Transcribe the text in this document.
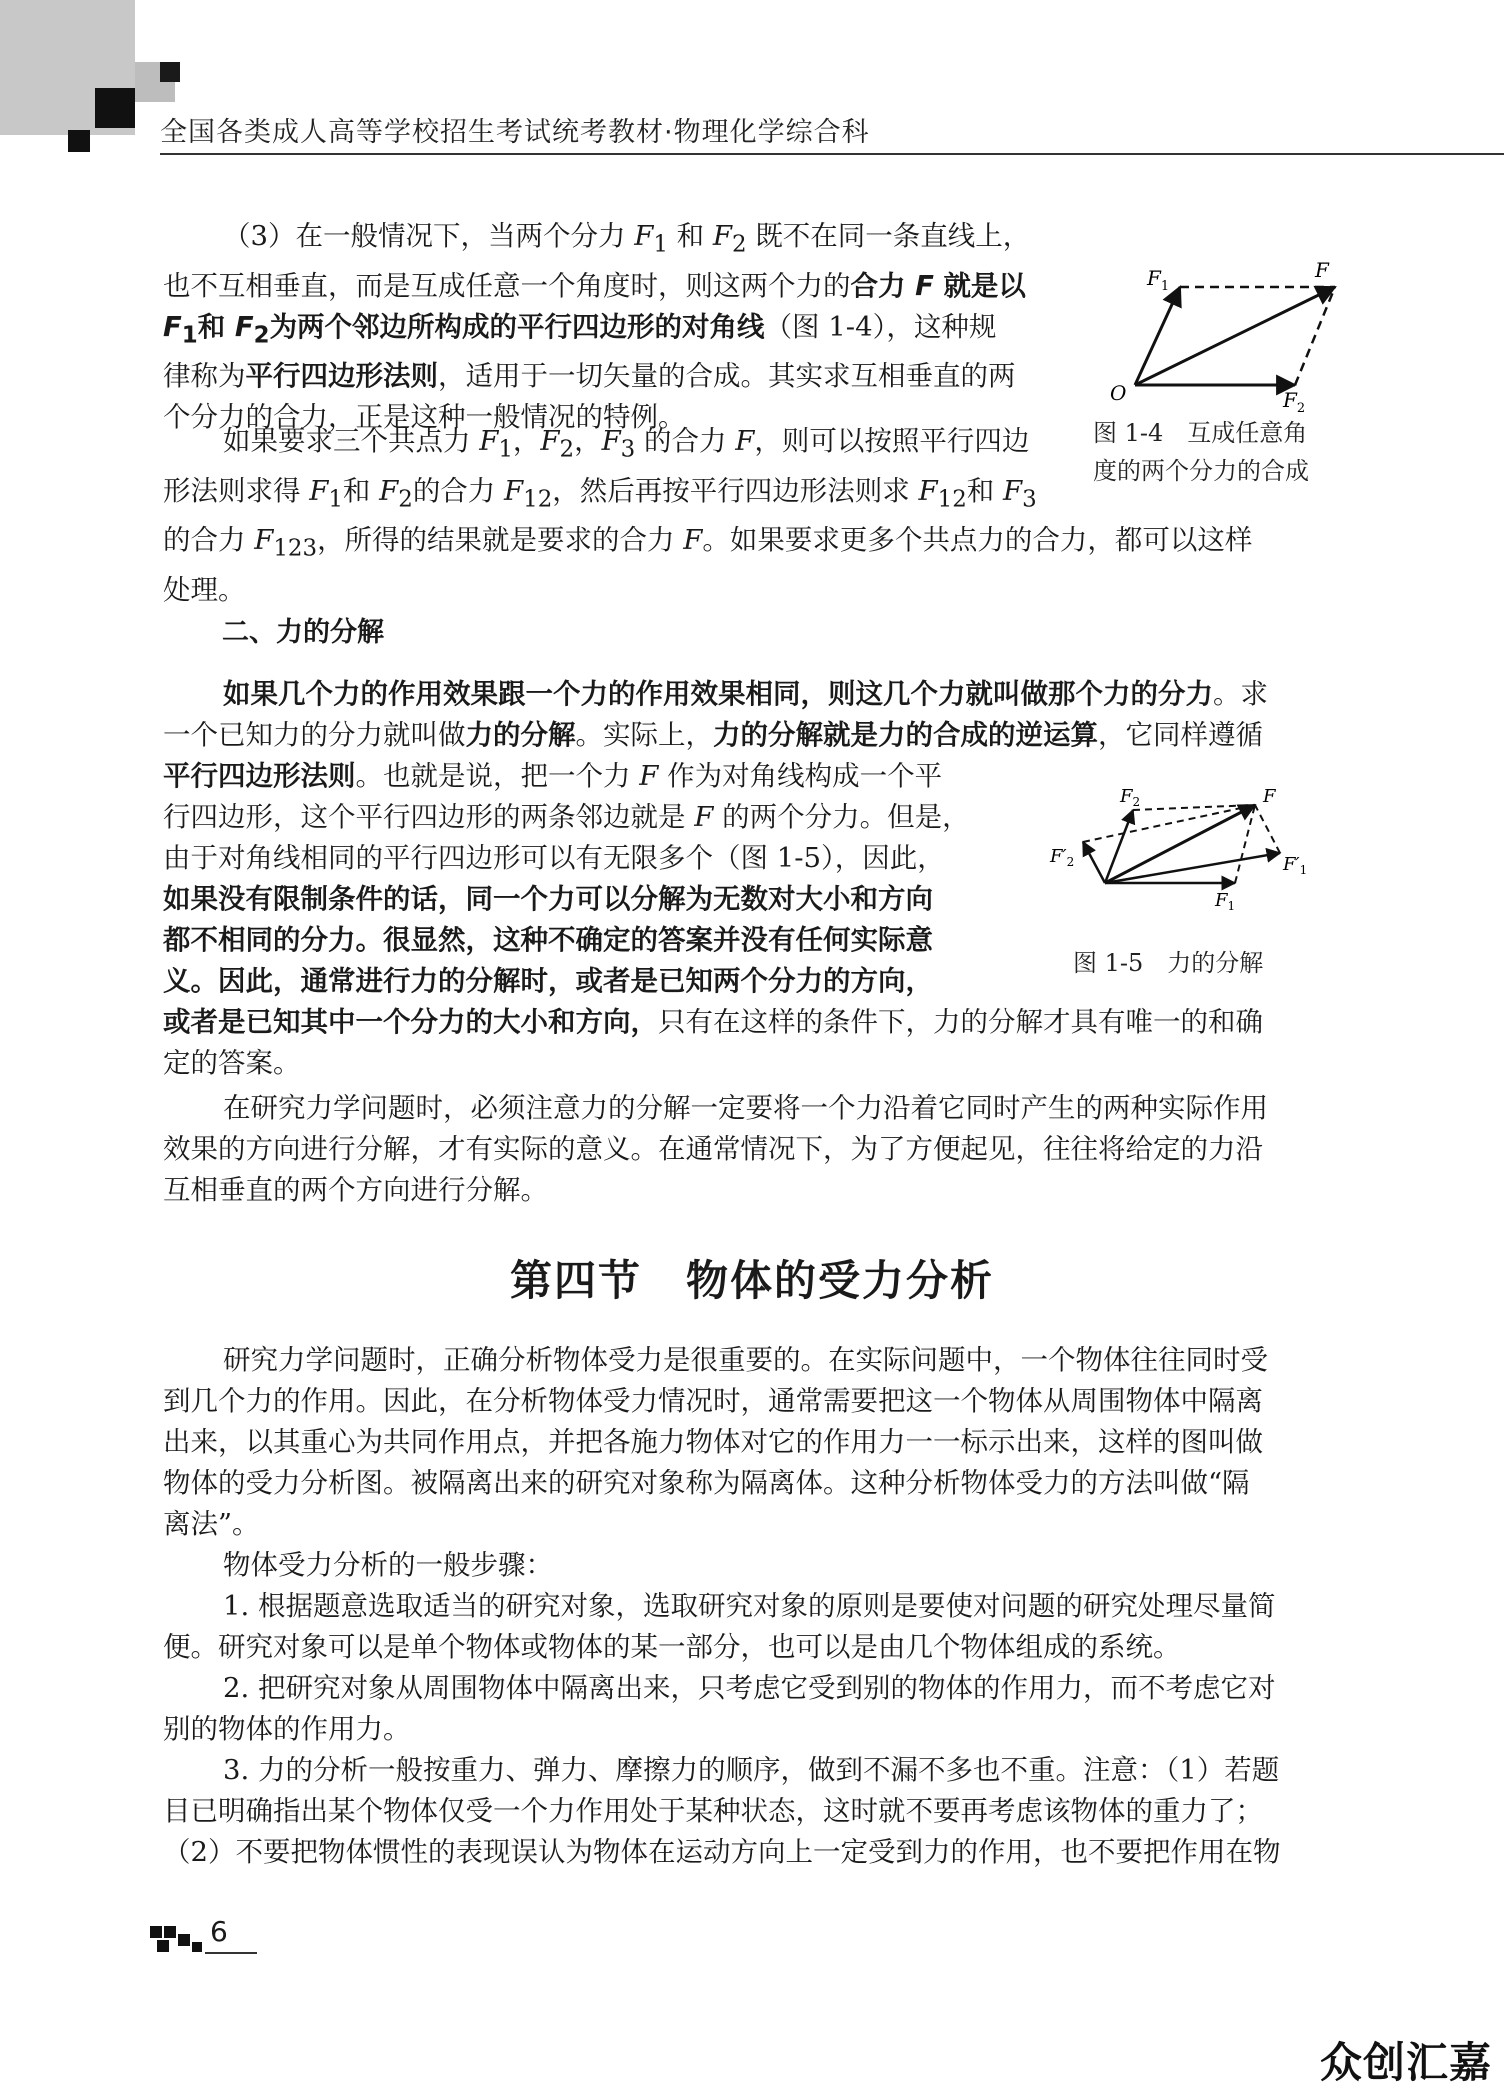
全国各类成人高等学校招生考试统考教材·物理化学综合科
（3）在一般情况下，当两个分力 $F_1$ 和 $F_2$ 既不在同一条直线上，
也不互相垂直，而是互成任意一个角度时，则这两个力的合力 F 就是以
$F_1$和 $F_2$为两个邻边所构成的平行四边形的对角线（图 1-4），这种规
律称为平行四边形法则，适用于一切矢量的合成。其实求互相垂直的两
个分力的合力，正是这种一般情况的特例。
如果要求三个共点力 $F_1$，$F_2$，$F_3$ 的合力 F，则可以按照平行四边
形法则求得 $F_1$和 $F_2$的合力 $F_{12}$，然后再按平行四边形法则求 $F_{12}$和 $F_3$
的合力 $F_{123}$，所得的结果就是要求的合力 F。如果要求更多个共点力的合力，都可以这样
处理。
$F_1$
F
O	$F_2$
图 1-4　互成任意角
度的两个分力的合成
二、力的分解
如果几个力的作用效果跟一个力的作用效果相同，则这几个力就叫做那个力的分力。求
一个已知力的分力就叫做力的分解。实际上，力的分解就是力的合成的逆运算，它同样遵循
平行四边形法则。也就是说，把一个力 F 作为对角线构成一个平
行四边形，这个平行四边形的两条邻边就是 F 的两个分力。但是，
由于对角线相同的平行四边形可以有无限多个（图 1-5），因此，
如果没有限制条件的话，同一个力可以分解为无数对大小和方向
都不相同的分力。很显然，这种不确定的答案并没有任何实际意
义。因此，通常进行力的分解时，或者是已知两个分力的方向，
或者是已知其中一个分力的大小和方向，只有在这样的条件下，力的分解才具有唯一的和确
定的答案。
$F_2$	F
$F'_2$	$F'_1$
$F_1$
图 1-5　力的分解
在研究力学问题时，必须注意力的分解一定要将一个力沿着它同时产生的两种实际作用
效果的方向进行分解，才有实际的意义。在通常情况下，为了方便起见，往往将给定的力沿
互相垂直的两个方向进行分解。
第四节　物体的受力分析
研究力学问题时，正确分析物体受力是很重要的。在实际问题中，一个物体往往同时受
到几个力的作用。因此，在分析物体受力情况时，通常需要把这一个物体从周围物体中隔离
出来，以其重心为共同作用点，并把各施力物体对它的作用力一一标示出来，这样的图叫做
物体的受力分析图。被隔离出来的研究对象称为隔离体。这种分析物体受力的方法叫做“隔
离法”。
物体受力分析的一般步骤：
1. 根据题意选取适当的研究对象，选取研究对象的原则是要使对问题的研究处理尽量简
便。研究对象可以是单个物体或物体的某一部分，也可以是由几个物体组成的系统。
2. 把研究对象从周围物体中隔离出来，只考虑它受到别的物体的作用力，而不考虑它对
别的物体的作用力。
3. 力的分析一般按重力、弹力、摩擦力的顺序，做到不漏不多也不重。注意：（1）若题
目已明确指出某个物体仅受一个力作用处于某种状态，这时就不要再考虑该物体的重力了；
（2）不要把物体惯性的表现误认为物体在运动方向上一定受到力的作用，也不要把作用在物
6
众创汇嘉
